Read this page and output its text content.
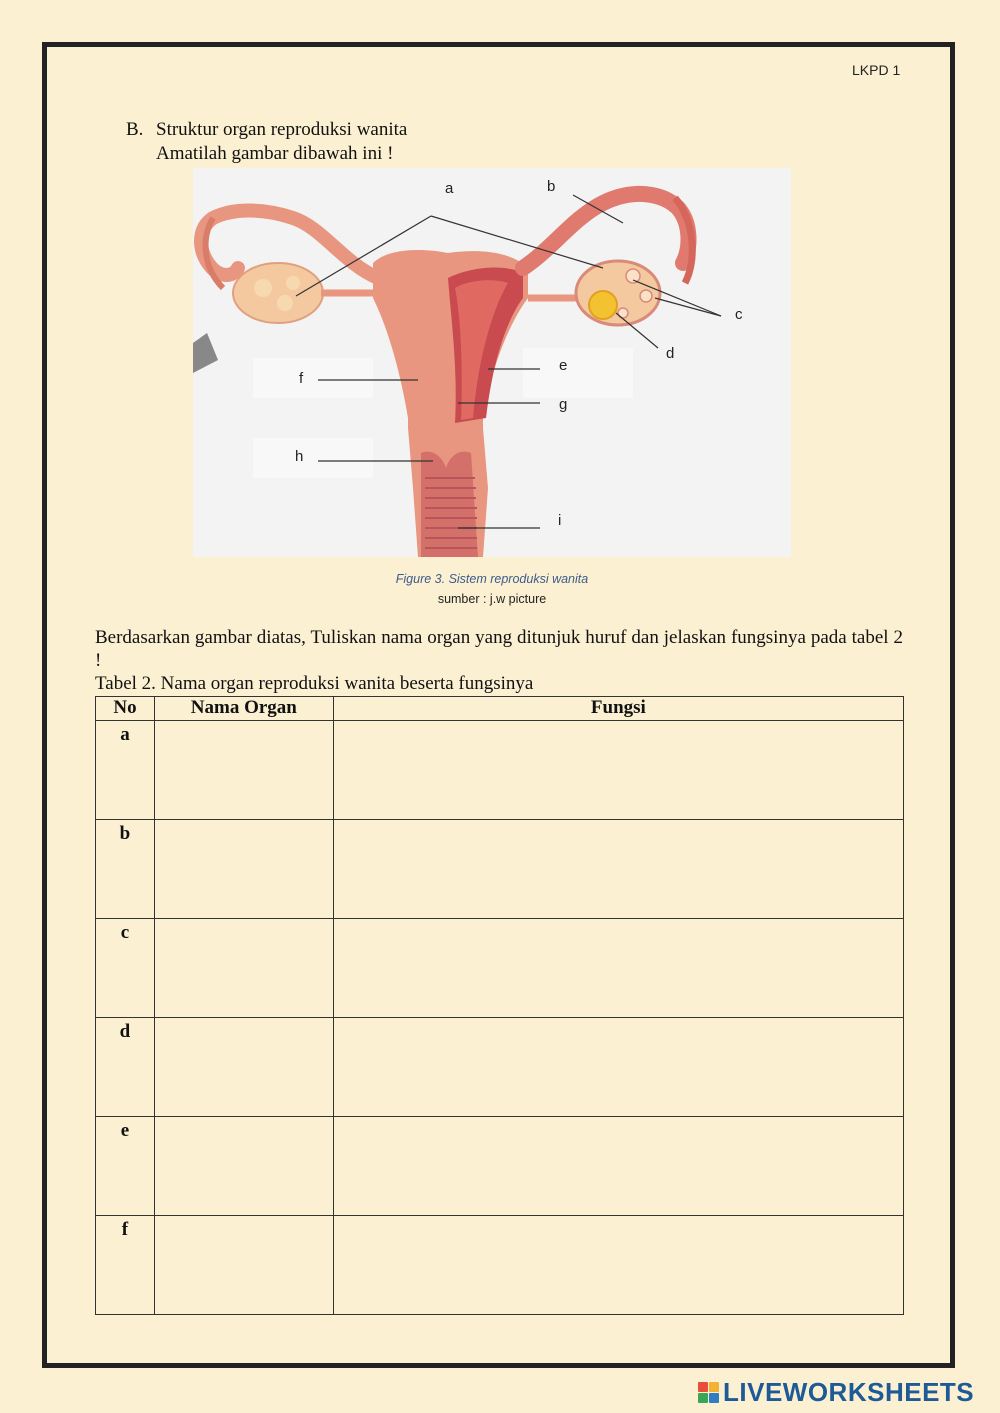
LKPD 1
B. Struktur organ reproduksi wanita
Amatilah gambar dibawah ini !
a	b
c
d
e
f
g
h
i
Figure 3. Sistem reproduksi wanita
sumber : j.w picture
Berdasarkan gambar diatas, Tuliskan nama organ yang ditunjuk huruf dan jelaskan fungsinya pada tabel 2 !
Tabel 2. Nama organ reproduksi wanita beserta fungsinya
No	Nama Organ	Fungsi
a		
b		
c		
d		
e		
f		
LIVEWORKSHEETS
